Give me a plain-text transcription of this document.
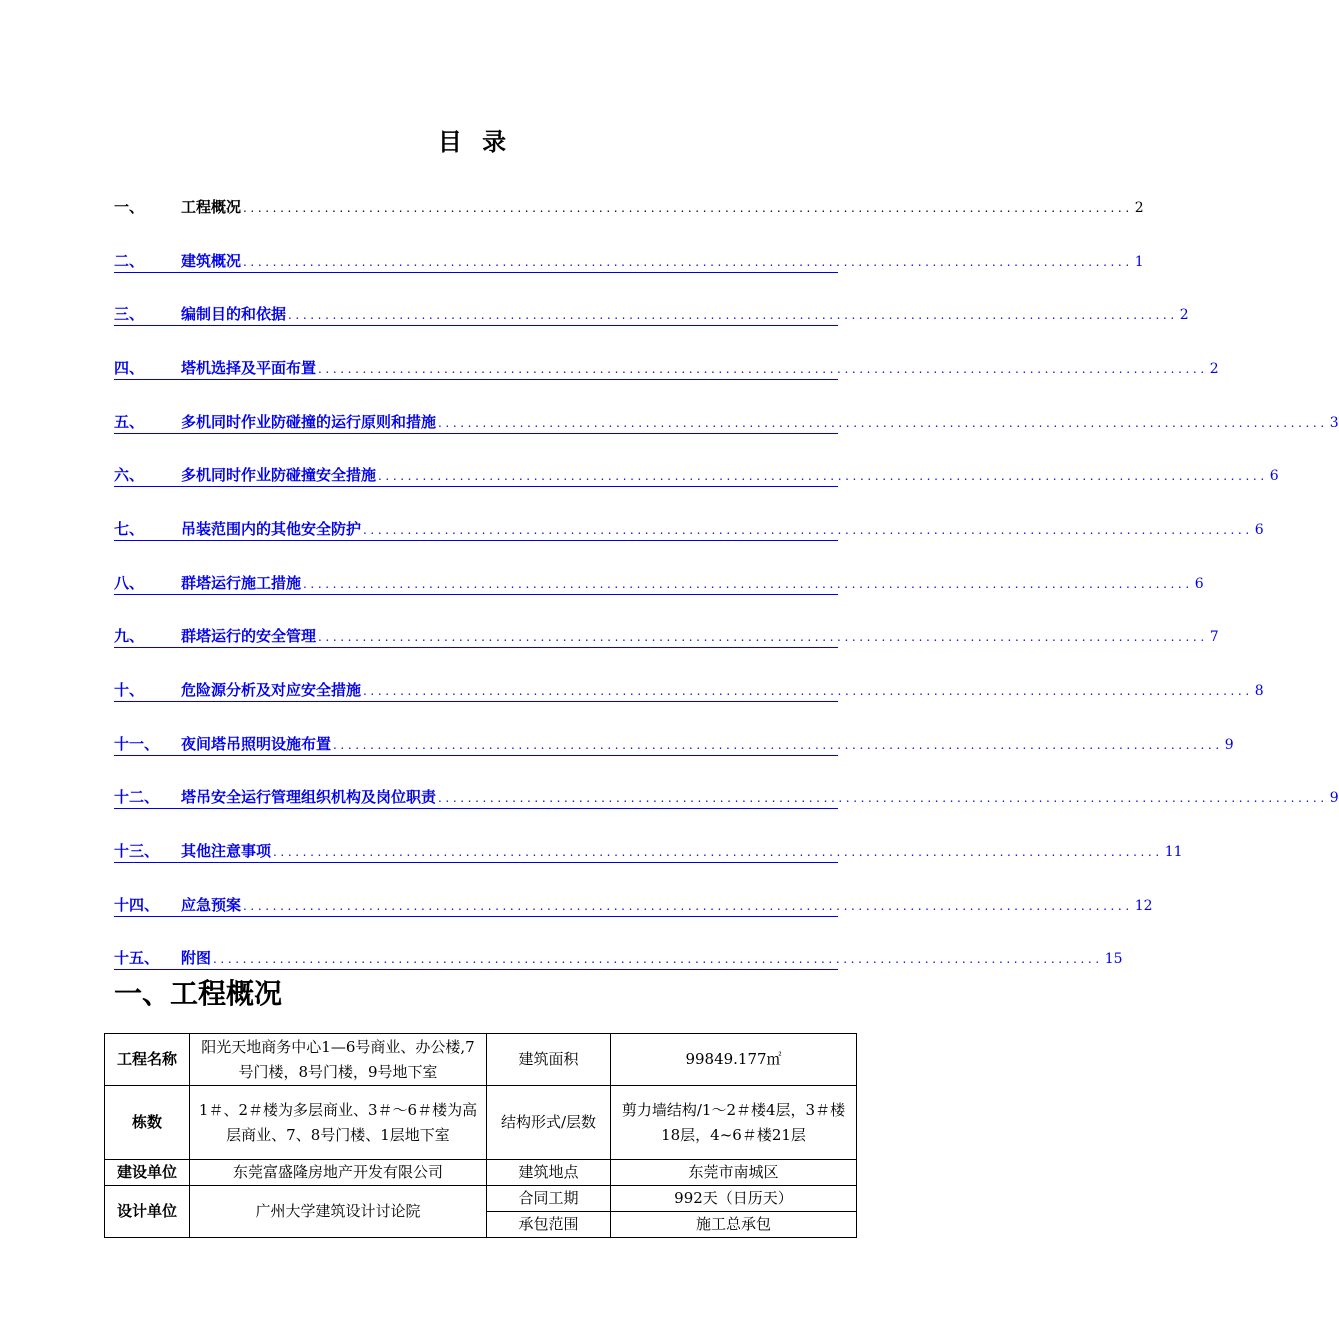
目 录
一、	工程概况 ........................................................................................................................ 2
二、	建筑概况 ........................................................................................................................ 1
三、	编制目的和依据 ........................................................................................................................ 2
四、	塔机选择及平面布置 ........................................................................................................................ 2
五、	多机同时作业防碰撞的运行原则和措施 ........................................................................................................................ 3
六、	多机同时作业防碰撞安全措施 ........................................................................................................................ 6
七、	吊装范围内的其他安全防护 ........................................................................................................................ 6
八、	群塔运行施工措施 ........................................................................................................................ 6
九、	群塔运行的安全管理 ........................................................................................................................ 7
十、	危险源分析及对应安全措施 ........................................................................................................................ 8
十一、	夜间塔吊照明设施布置 ........................................................................................................................ 9
十二、	塔吊安全运行管理组织机构及岗位职责 ........................................................................................................................ 9
十三、	其他注意事项 ........................................................................................................................ 11
十四、	应急预案 ........................................................................................................................ 12
十五、	附图 ........................................................................................................................ 15
一、工程概况
工程名称	阳光天地商务中心1—6号商业、办公楼,7号门楼，8号门楼，9号地下室	建筑面积	99849.177㎡
栋数	1＃、2＃楼为多层商业、3＃～6＃楼为高层商业、7、8号门楼、1层地下室	结构形式/层数	剪力墙结构/1～2＃楼4层，3＃楼18层，4~6＃楼21层
建设单位	东莞富盛隆房地产开发有限公司	建筑地点	东莞市南城区
设计单位	广州大学建筑设计讨论院	合同工期	992天（日历天）
		承包范围	施工总承包
